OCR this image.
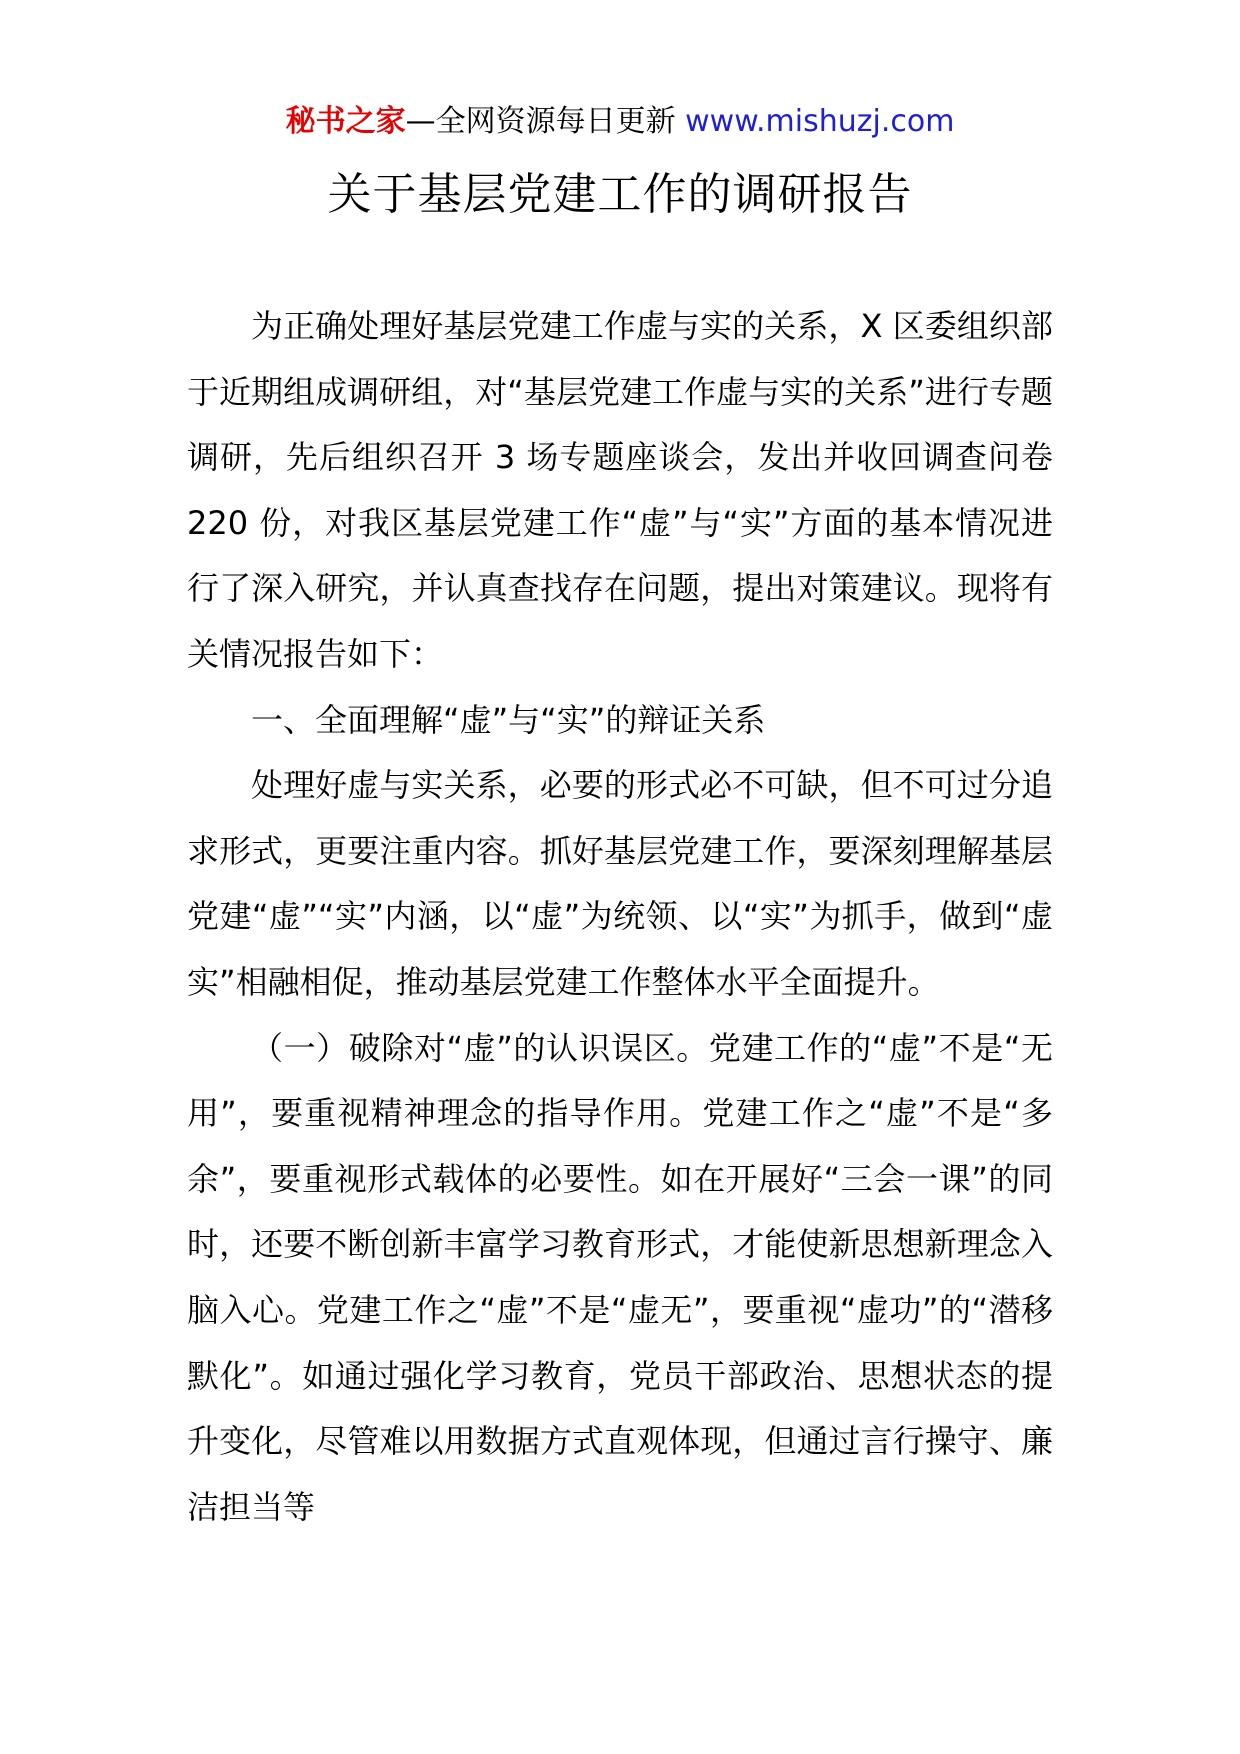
秘书之家—全网资源每日更新 www.mishuzj.com
关于基层党建工作的调研报告

为正确处理好基层党建工作虚与实的关系，X 区委组织部于近期组成调研组，对“基层党建工作虚与实的关系”进行专题调研，先后组织召开 3 场专题座谈会，发出并收回调查问卷 220 份，对我区基层党建工作“虚”与“实”方面的基本情况进行了深入研究，并认真查找存在问题，提出对策建议。现将有关情况报告如下：

一、全面理解“虚”与“实”的辩证关系

处理好虚与实关系，必要的形式必不可缺，但不可过分追求形式，更要注重内容。抓好基层党建工作，要深刻理解基层党建“虚”“实”内涵，以“虚”为统领、以“实”为抓手，做到“虚实”相融相促，推动基层党建工作整体水平全面提升。

（一）破除对“虚”的认识误区。党建工作的“虚”不是“无用”，要重视精神理念的指导作用。党建工作之“虚”不是“多余”，要重视形式载体的必要性。如在开展好“三会一课”的同时，还要不断创新丰富学习教育形式，才能使新思想新理念入脑入心。党建工作之“虚”不是“虚无”，要重视“虚功”的“潜移默化”。如通过强化学习教育，党员干部政治、思想状态的提升变化，尽管难以用数据方式直观体现，但通过言行操守、廉洁担当等
